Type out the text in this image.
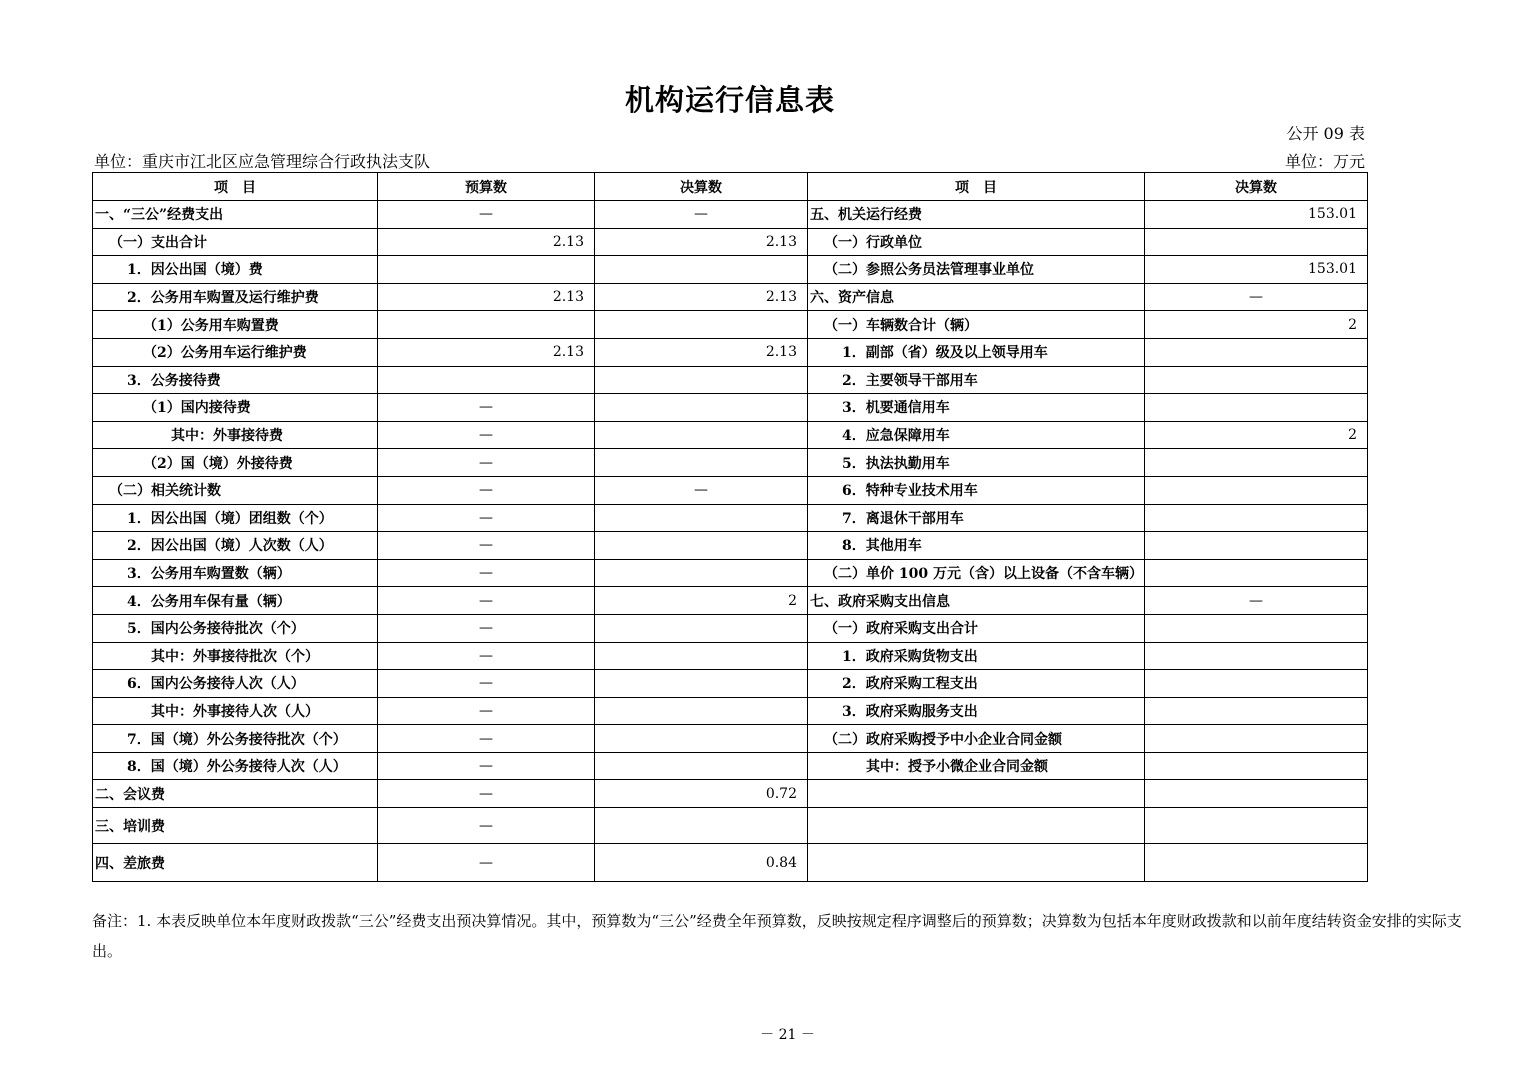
机构运行信息表
公开 09 表
单位：重庆市江北区应急管理综合行政执法支队	单位：万元
项　目	预算数	决算数	项　目	决算数
一、“三公”经费支出	—	—	五、机关运行经费	153.01
（一）支出合计	2.13	2.13	（一）行政单位	
1．因公出国（境）费			（二）参照公务员法管理事业单位	153.01
2．公务用车购置及运行维护费	2.13	2.13	六、资产信息	—
（1）公务用车购置费			（一）车辆数合计（辆）	2
（2）公务用车运行维护费	2.13	2.13	1．副部（省）级及以上领导用车	
3．公务接待费			2．主要领导干部用车	
（1）国内接待费	—		3．机要通信用车	
其中：外事接待费	—		4．应急保障用车	2
（2）国（境）外接待费	—		5．执法执勤用车	
（二）相关统计数	—	—	6．特种专业技术用车	
1．因公出国（境）团组数（个）	—		7．离退休干部用车	
2．因公出国（境）人次数（人）	—		8．其他用车	
3．公务用车购置数（辆）	—		（二）单价 100 万元（含）以上设备（不含车辆）	
4．公务用车保有量（辆）	—	2	七、政府采购支出信息	—
5．国内公务接待批次（个）	—		（一）政府采购支出合计	
其中：外事接待批次（个）	—		1．政府采购货物支出	
6．国内公务接待人次（人）	—		2．政府采购工程支出	
其中：外事接待人次（人）	—		3．政府采购服务支出	
7．国（境）外公务接待批次（个）	—		（二）政府采购授予中小企业合同金额	
8．国（境）外公务接待人次（人）	—		其中：授予小微企业合同金额	
二、会议费	—	0.72		
三、培训费	—			
四、差旅费	—	0.84		
备注：1. 本表反映单位本年度财政拨款“三公”经费支出预决算情况。其中，预算数为“三公”经费全年预算数，反映按规定程序调整后的预算数；决算数为包括本年度财政拨款和以前年度结转资金安排的实际支出。
－ 21 －
